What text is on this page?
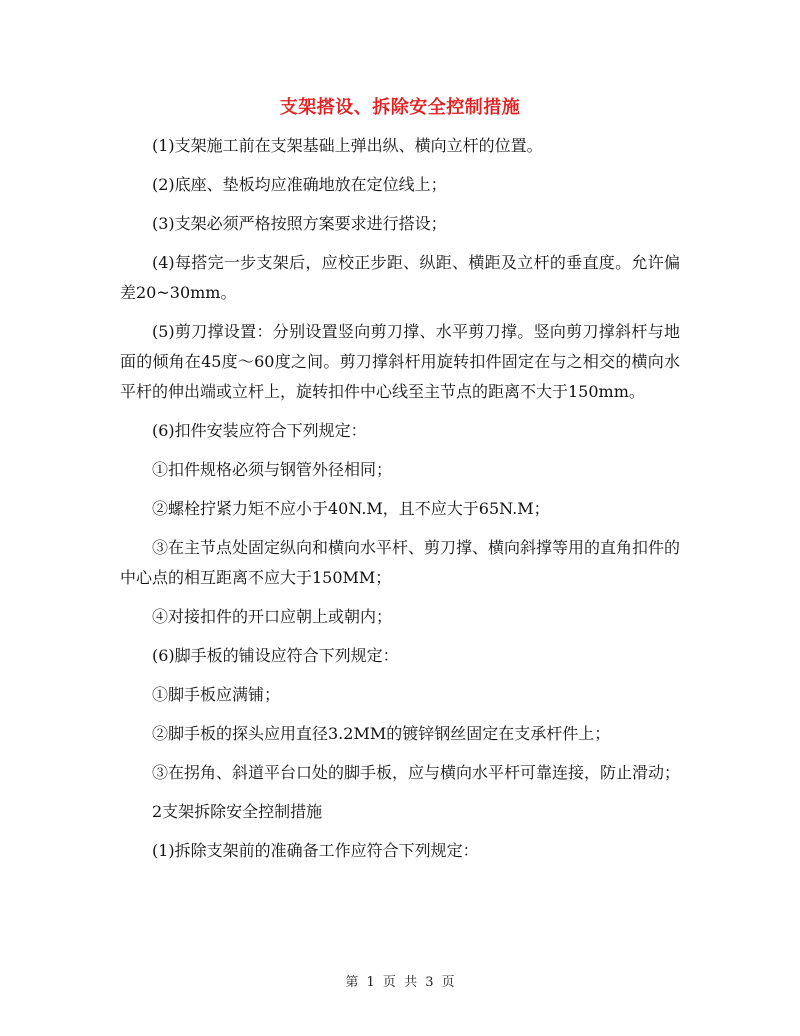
支架搭设、拆除安全控制措施

(1)支架施工前在支架基础上弹出纵、横向立杆的位置。

(2)底座、垫板均应准确地放在定位线上；

(3)支架必须严格按照方案要求进行搭设；

(4)每搭完一步支架后，应校正步距、纵距、横距及立杆的垂直度。允许偏差20~30mm。

(5)剪刀撑设置：分别设置竖向剪刀撑、水平剪刀撑。竖向剪刀撑斜杆与地面的倾角在45度～60度之间。剪刀撑斜杆用旋转扣件固定在与之相交的横向水平杆的伸出端或立杆上，旋转扣件中心线至主节点的距离不大于150mm。

(6)扣件安装应符合下列规定：

①扣件规格必须与钢管外径相同；

②螺栓拧紧力矩不应小于40N.M，且不应大于65N.M；

③在主节点处固定纵向和横向水平杆、剪刀撑、横向斜撑等用的直角扣件的中心点的相互距离不应大于150MM；

④对接扣件的开口应朝上或朝内；

(6)脚手板的铺设应符合下列规定：

①脚手板应满铺；

②脚手板的探头应用直径3.2MM的镀锌钢丝固定在支承杆件上；

③在拐角、斜道平台口处的脚手板，应与横向水平杆可靠连接，防止滑动；

2支架拆除安全控制措施

(1)拆除支架前的准确备工作应符合下列规定：

第 1 页 共 3 页
